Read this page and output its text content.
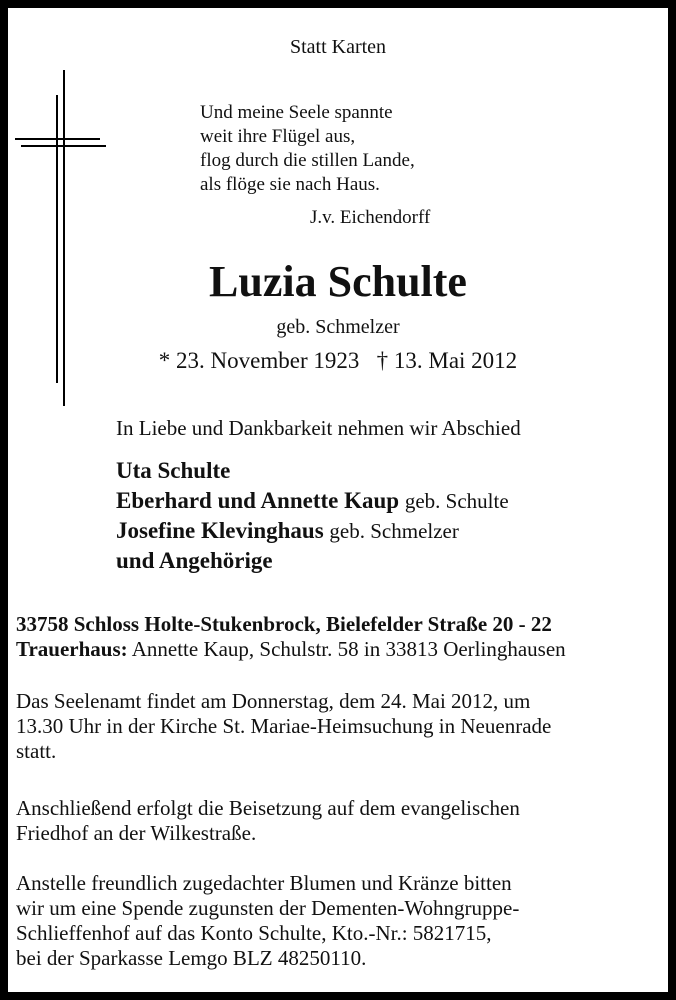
Statt Karten
Und meine Seele spannte
weit ihre Flügel aus,
flog durch die stillen Lande,
als flöge sie nach Haus.
J.v. Eichendorff
Luzia Schulte
geb. Schmelzer
* 23. November 1923 † 13. Mai 2012
In Liebe und Dankbarkeit nehmen wir Abschied
Uta Schulte
Eberhard und Annette Kaup geb. Schulte
Josefine Klevinghaus geb. Schmelzer
und Angehörige
33758 Schloss Holte-Stukenbrock, Bielefelder Straße 20 - 22
Trauerhaus: Annette Kaup, Schulstr. 58 in 33813 Oerlinghausen
Das Seelenamt findet am Donnerstag, dem 24. Mai 2012, um
13.30 Uhr in der Kirche St. Mariae-Heimsuchung in Neuenrade
statt.
Anschließend erfolgt die Beisetzung auf dem evangelischen
Friedhof an der Wilkestraße.
Anstelle freundlich zugedachter Blumen und Kränze bitten
wir um eine Spende zugunsten der Dementen-Wohngruppe-
Schlieffenhof auf das Konto Schulte, Kto.-Nr.: 5821715,
bei der Sparkasse Lemgo BLZ 48250110.
